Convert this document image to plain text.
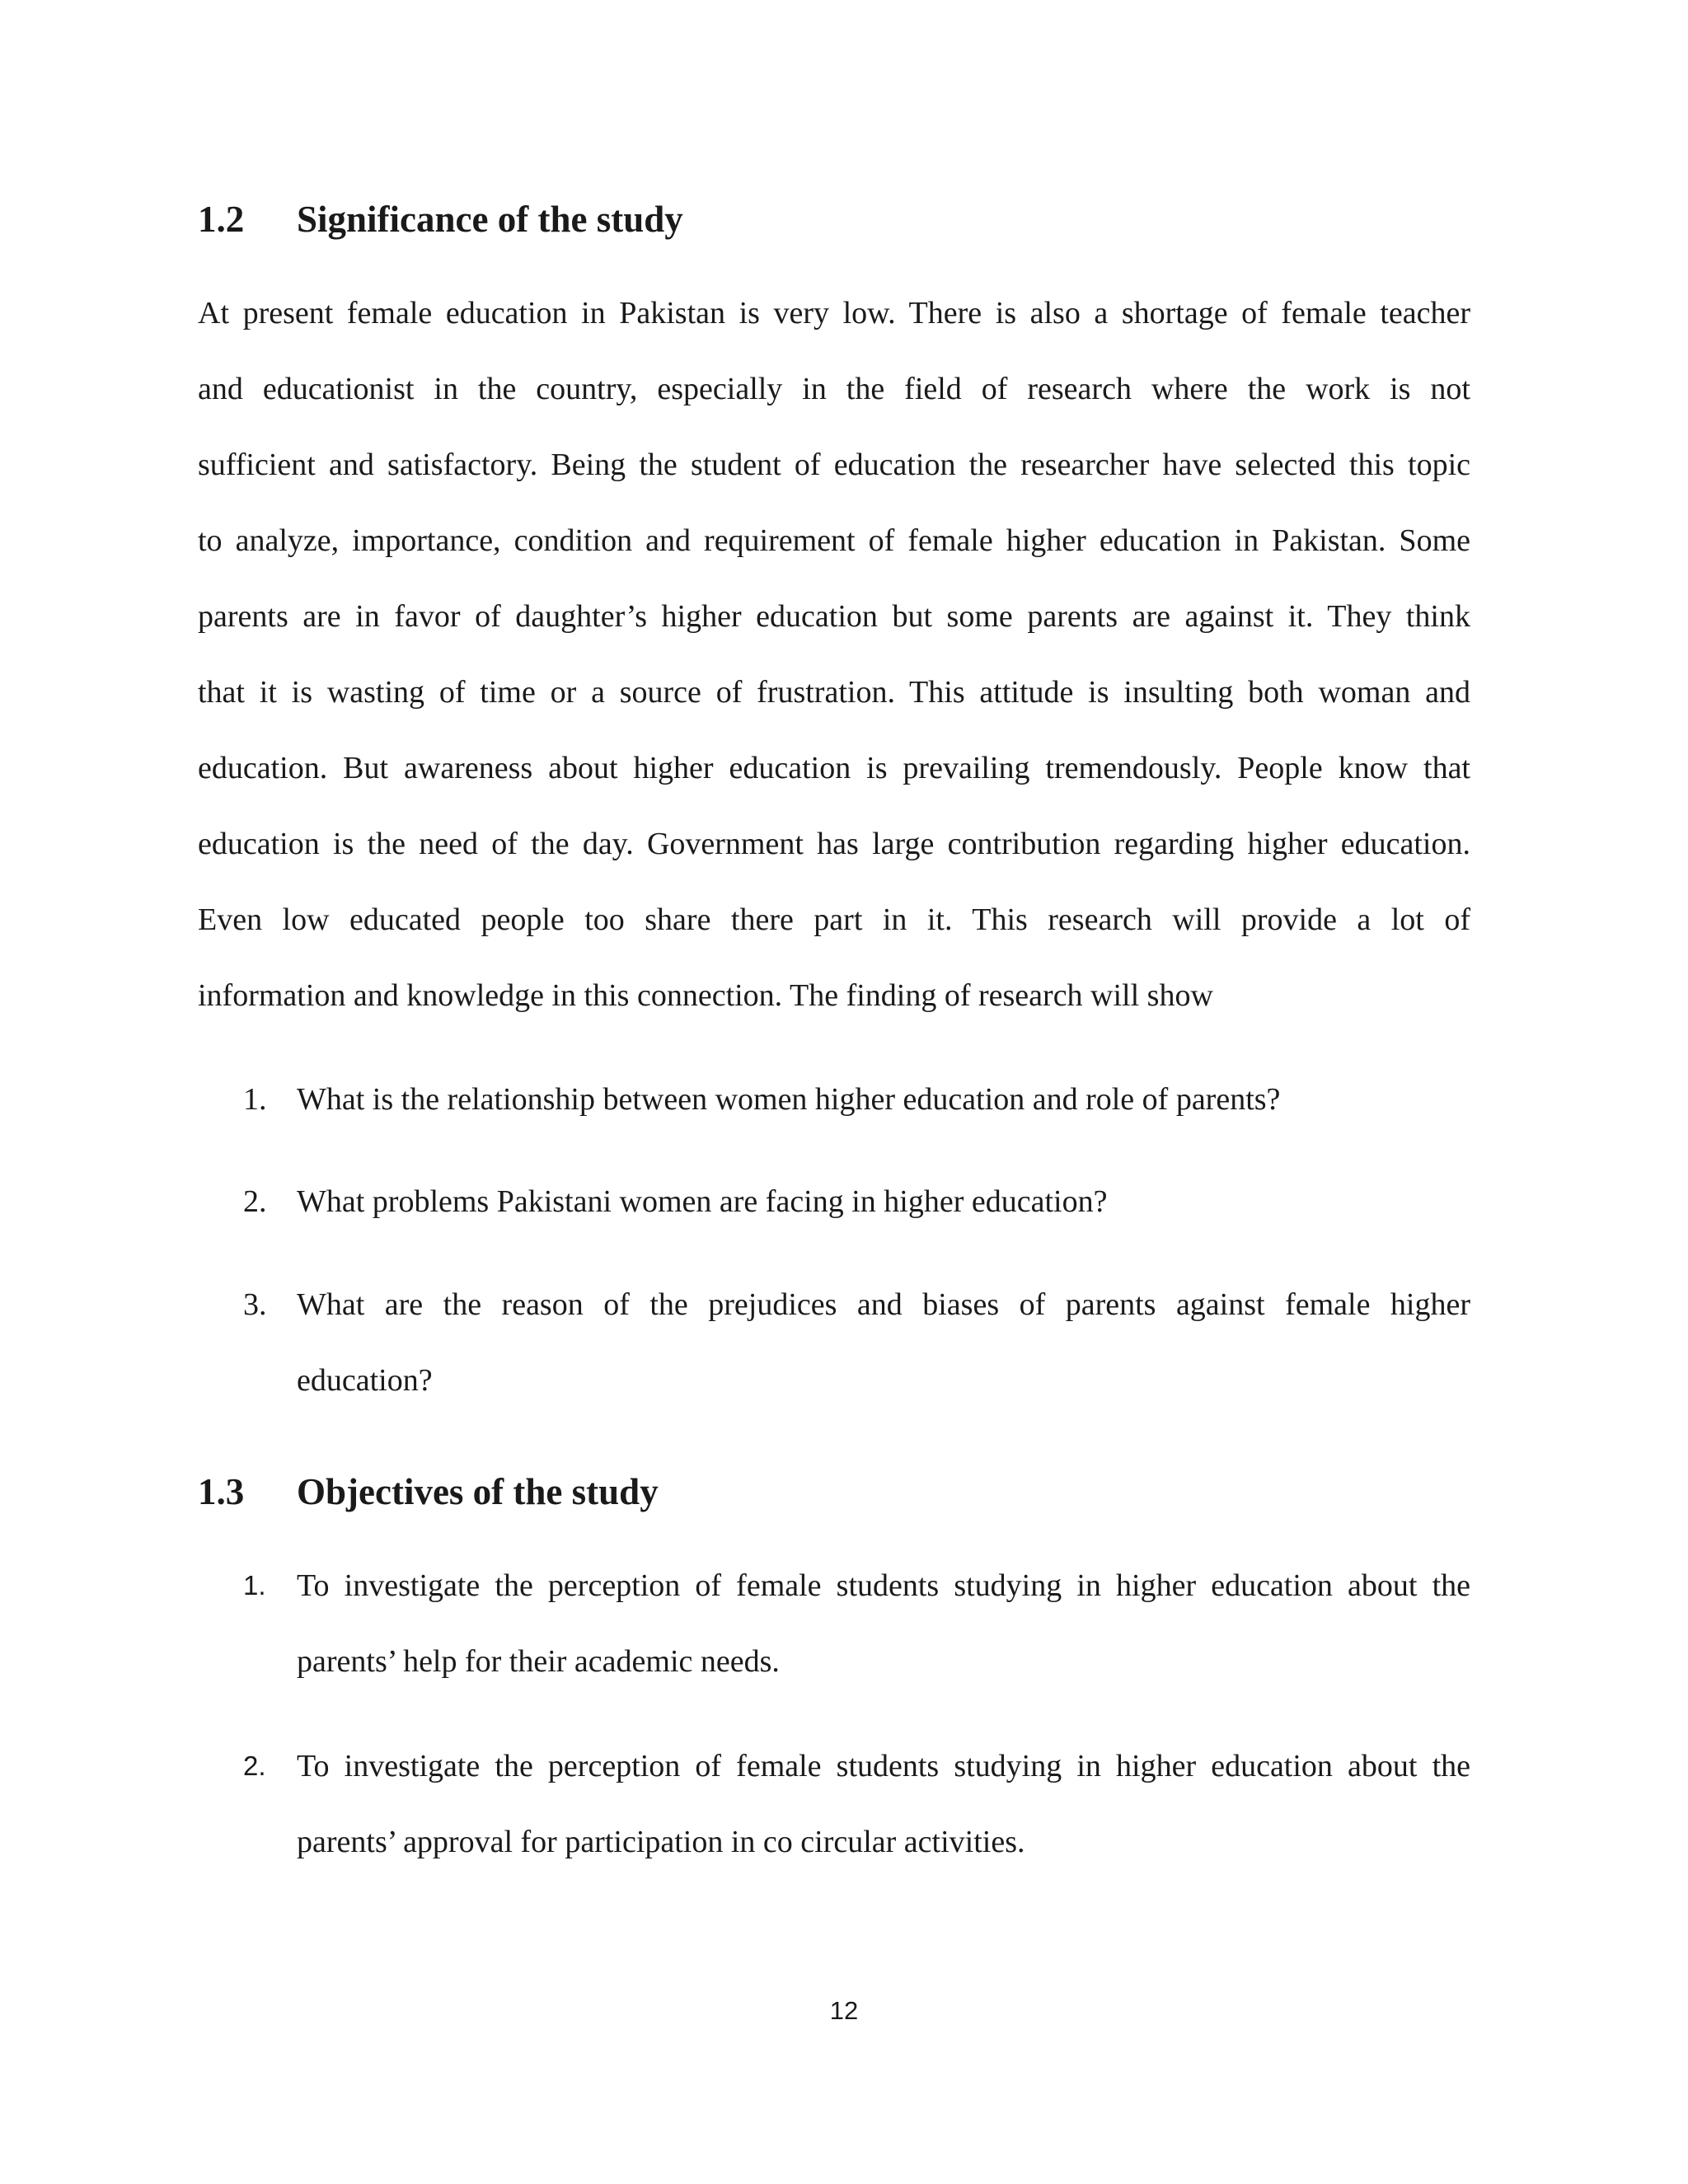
1.2 Significance of the study
At present female education in Pakistan is very low. There is also a shortage of female teacher
and educationist in the country, especially in the field of research where the work is not
sufficient and satisfactory. Being the student of education the researcher have selected this topic
to analyze, importance, condition and requirement of female higher education in Pakistan. Some
parents are in favor of daughter’s higher education but some parents are against it. They think
that it is wasting of time or a source of frustration. This attitude is insulting both woman and
education. But awareness about higher education is prevailing tremendously. People know that
education is the need of the day. Government has large contribution regarding higher education.
Even low educated people too share there part in it. This research will provide a lot of
information and knowledge in this connection. The finding of research will show
1. What is the relationship between women higher education and role of parents?
2. What problems Pakistani women are facing in higher education?
3. What are the reason of the prejudices and biases of parents against female higher
education?
1.3 Objectives of the study
1. To investigate the perception of female students studying in higher education about the
parents’ help for their academic needs.
2. To investigate the perception of female students studying in higher education about the
parents’ approval for participation in co circular activities.
12
